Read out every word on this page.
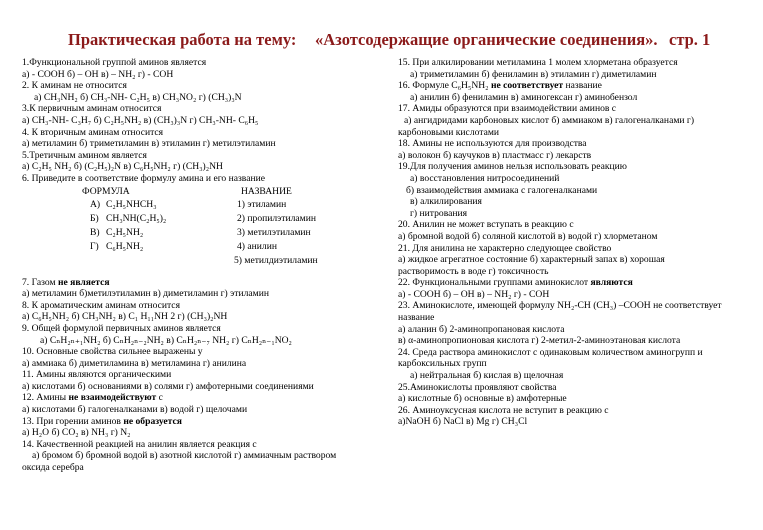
Практическая работа на тему: «Азотсодержащие органические соединения». стр. 1
1.Функциональной группой аминов является
а) - COOH б) – OH в) – NH₂ г) - COH
2. К аминам не относится
а) CH₃NH₂ б) CH₃-NH- C₂H₅ в) CH₃NO₂ г) (CH₃)₃N
3.К первичным аминам относится
а) CH₃-NH- C₃H₇ б) C₂H₅NH₂ в) (CH₃)₃N г) CH₃-NH- C₆H₅
4. К вторичным аминам относится
а) метиламин б) триметиламин в) этиламин г) метилэтиламин
5.Третичным амином является
а) C₂H₅ NH₂ б) (C₂H₅)₂N в) C₆H₅NH₂ г) (CH₃)₂NH
6. Приведите в соответствие формулу амина и его название
ФОРМУЛА	НАЗВАНИЕ
А) C₂H₅NHCH₃	1) этиламин
Б) CH₃NH(C₂H₅)₂	2) пропилэтиламин
В) C₂H₅NH₂	3) метилэтиламин
Г) C₆H₅NH₂	4) анилин
5) метилдиэтиламин
7. Газом не является
а) метиламин б)метилэтиламин в) диметиламин г) этиламин
8. К ароматическим аминам относится
а) C₆H₅NH₂ б) CH₃NH₂ в) C₁ H₁₁NH 2 г) (CH₃)₂NH
9. Общей формулой первичных аминов является
а) CₙH₂ₙ₊₁NH₂ б) CₙH₂ₙ₋₂NH₂ в) CₙH₂ₙ₋₇ NH₂ г) CₙH₂ₙ₋₁NO₂
10. Основные свойства сильнее выражены у
а) аммиака б) диметиламина в) метиламина г) анилина
11. Амины являются органическими
а) кислотами б) основаниями в) солями г) амфотерными соединениями
12. Амины не взаимодействуют с
а) кислотами б) галогеналканами в) водой г) щелочами
13. При горении аминов не образуется
а) H₂O б) CO₂ в) NH₃ г) N₂
14. Качественной реакцией на анилин является реакция с
а) бромом б) бромной водой в) азотной кислотой г) аммиачным раствором
оксида серебра
15. При алкилировании метиламина 1 молем хлорметана образуется
а) триметиламин б) фениламин в) этиламин г) диметиламин
16. Формуле C₆H₅NH₂ не соответствует название
а) анилин б) фениламин в) аминогексан г) аминобензол
17. Амиды образуются при взаимодействии аминов с
а) ангидридами карбоновых кислот б) аммиаком в) галогеналканами г)
карбоновыми кислотами
18. Амины не используются для производства
а) волокон б) каучуков в) пластмасс г) лекарств
19.Для получения аминов нельзя использовать реакцию
а) восстановления нитросоединений
б) взаимодействия аммиака с галогеналканами
в) алкилирования
г) нитрования
20. Анилин не может вступать в реакцию с
а) бромной водой б) соляной кислотой в) водой г) хлорметаном
21. Для анилина не характерно следующее свойство
а) жидкое агрегатное состояние б) характерный запах в) хорошая
растворимость в воде г) токсичность
22. Функциональными группами аминокислот являются
а) - COOH б) – OH в) – NH₂ г) - COH
23. Аминокислоте, имеющей формулу NH₂-CH (CH₃) –COOH не соответствует
название
а) аланин б) 2-аминопропановая кислота
в) α-аминопропионовая кислота г) 2-метил-2-аминоэтановая кислота
24. Среда раствора аминокислот с одинаковым количеством аминогрупп и
карбоксильных групп
а) нейтральная б) кислая в) щелочная
25.Аминокислоты проявляют свойства
а) кислотные б) основные в) амфотерные
26. Аминоуксусная кислота не вступит в реакцию с
а)NaOH б) NaCl в) Mg г) CH₃Cl
